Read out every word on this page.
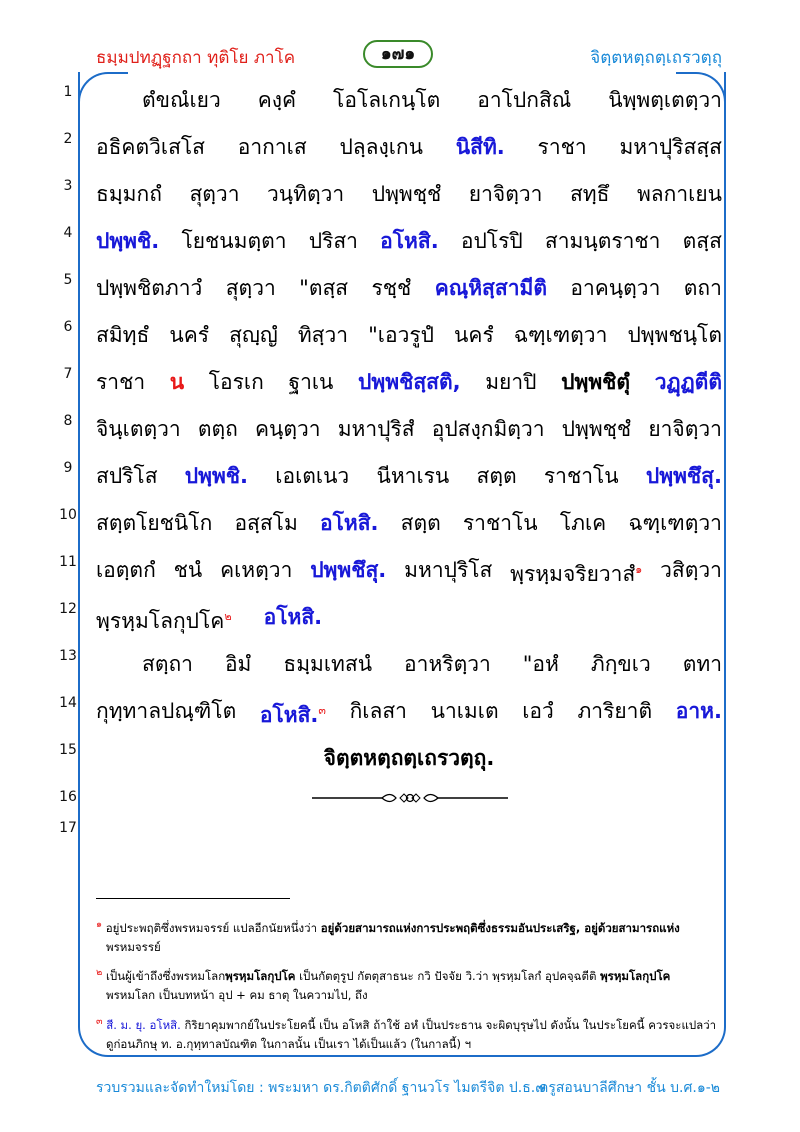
ธมฺมปทฏฺฐกถา ทุติโย ภาโค	๑๗๑	จิตฺตหตฺถตฺเถรวตฺถุ
1
2
3
4
5
6
7
8
9
10
11
12
13
14
15
16
17
ตํขณํเยว คงฺคํ โอโลเกนฺโต อาโปกสิณํ นิพฺพตฺเตตฺวา
อธิคตวิเสโส อากาเส ปลฺลงฺเกน นิสีทิ. ราชา มหาปุริสสฺส
ธมฺมกถํ สุตฺวา วนฺทิตฺวา ปพฺพชฺชํ ยาจิตฺวา สทฺธึ พลกาเยน
ปพฺพชิ. โยชนมตฺตา ปริสา อโหสิ. อปโรปิ สามนฺตราชา ตสฺส
ปพฺพชิตภาวํ สุตฺวา "ตสฺส รชฺชํ คณฺหิสฺสามีติ อาคนฺตฺวา ตถา
สมิทฺธํ นครํ สุญฺญํ ทิสฺวา "เอวรูปํ นครํ ฉฑฺเฑตฺวา ปพฺพชนฺโต
ราชา น โอรเก ฐาเน ปพฺพชิสฺสติ, มยาปิ ปพฺพชิตุํ วฏฺฏตีติ
จินฺเตตฺวา ตตฺถ คนฺตฺวา มหาปุริสํ อุปสงฺกมิตฺวา ปพฺพชฺชํ ยาจิตฺวา
สปริโส ปพฺพชิ. เอเตเนว นีหาเรน สตฺต ราชาโน ปพฺพชึสุ.
สตฺตโยชนิโก อสฺสโม อโหสิ. สตฺต ราชาโน โภเค ฉฑฺเฑตฺวา
เอตฺตกํ ชนํ คเหตฺวา ปพฺพชึสุ. มหาปุริโส พฺรหฺมจริยวาสํ$^๑$ วสิตฺวา
พฺรหฺมโลกุปโค$^๒$ อโหสิ.
สตฺถา อิมํ ธมฺมเทสนํ อาหริตฺวา "อหํ ภิกฺขเว ตทา
กุทฺทาลปณฺฑิโต อโหสิ.$^๓$ กิเลสา นาเมเต เอวํ ภาริยาติ อาห.
จิตฺตหตฺถตฺเถรวตฺถุ.
$^๑$ อยู่ประพฤติซึ่งพรหมจรรย์ แปลอีกนัยหนึ่งว่า อยู่ด้วยสามารถแห่งการประพฤติซึ่งธรรมอันประเสริฐ, อยู่ด้วยสามารถแห่ง
พรหมจรรย์
$^๒$ เป็นผู้เข้าถึงซึ่งพรหมโลกพฺรหฺมโลกุปโค เป็นกัตตุรูป กัตตุสาธนะ กวิ ปัจจัย วิ.ว่า พฺรหฺมโลกํ อุปคจฺฉตีติ พฺรหฺมโลกุปโค
พรหมโลก เป็นบทหน้า อุป + คม ธาตุ ในความไป, ถึง
$^๓$ สี. ม. ยุ. อโหสิ. กิริยาคุมพากย์ในประโยคนี้ เป็น อโหสิ ถ้าใช้ อหํ เป็นประธาน จะผิดบุรุษไป ดังนั้น ในประโยคนี้ ควรจะแปลว่า
ดูก่อนภิกษุ ท. อ.กุทฺทาลบัณฑิต ในกาลนั้น เป็นเรา ได้เป็นแล้ว (ในกาลนี้) ฯ
รวบรวมและจัดทำใหม่โดย : พระมหา ดร.กิตติศักดิ์ ฐานวโร ไมตรีจิต ป.ธ.๗
ครูสอนบาลีศึกษา ชั้น บ.ศ.๑-๒
